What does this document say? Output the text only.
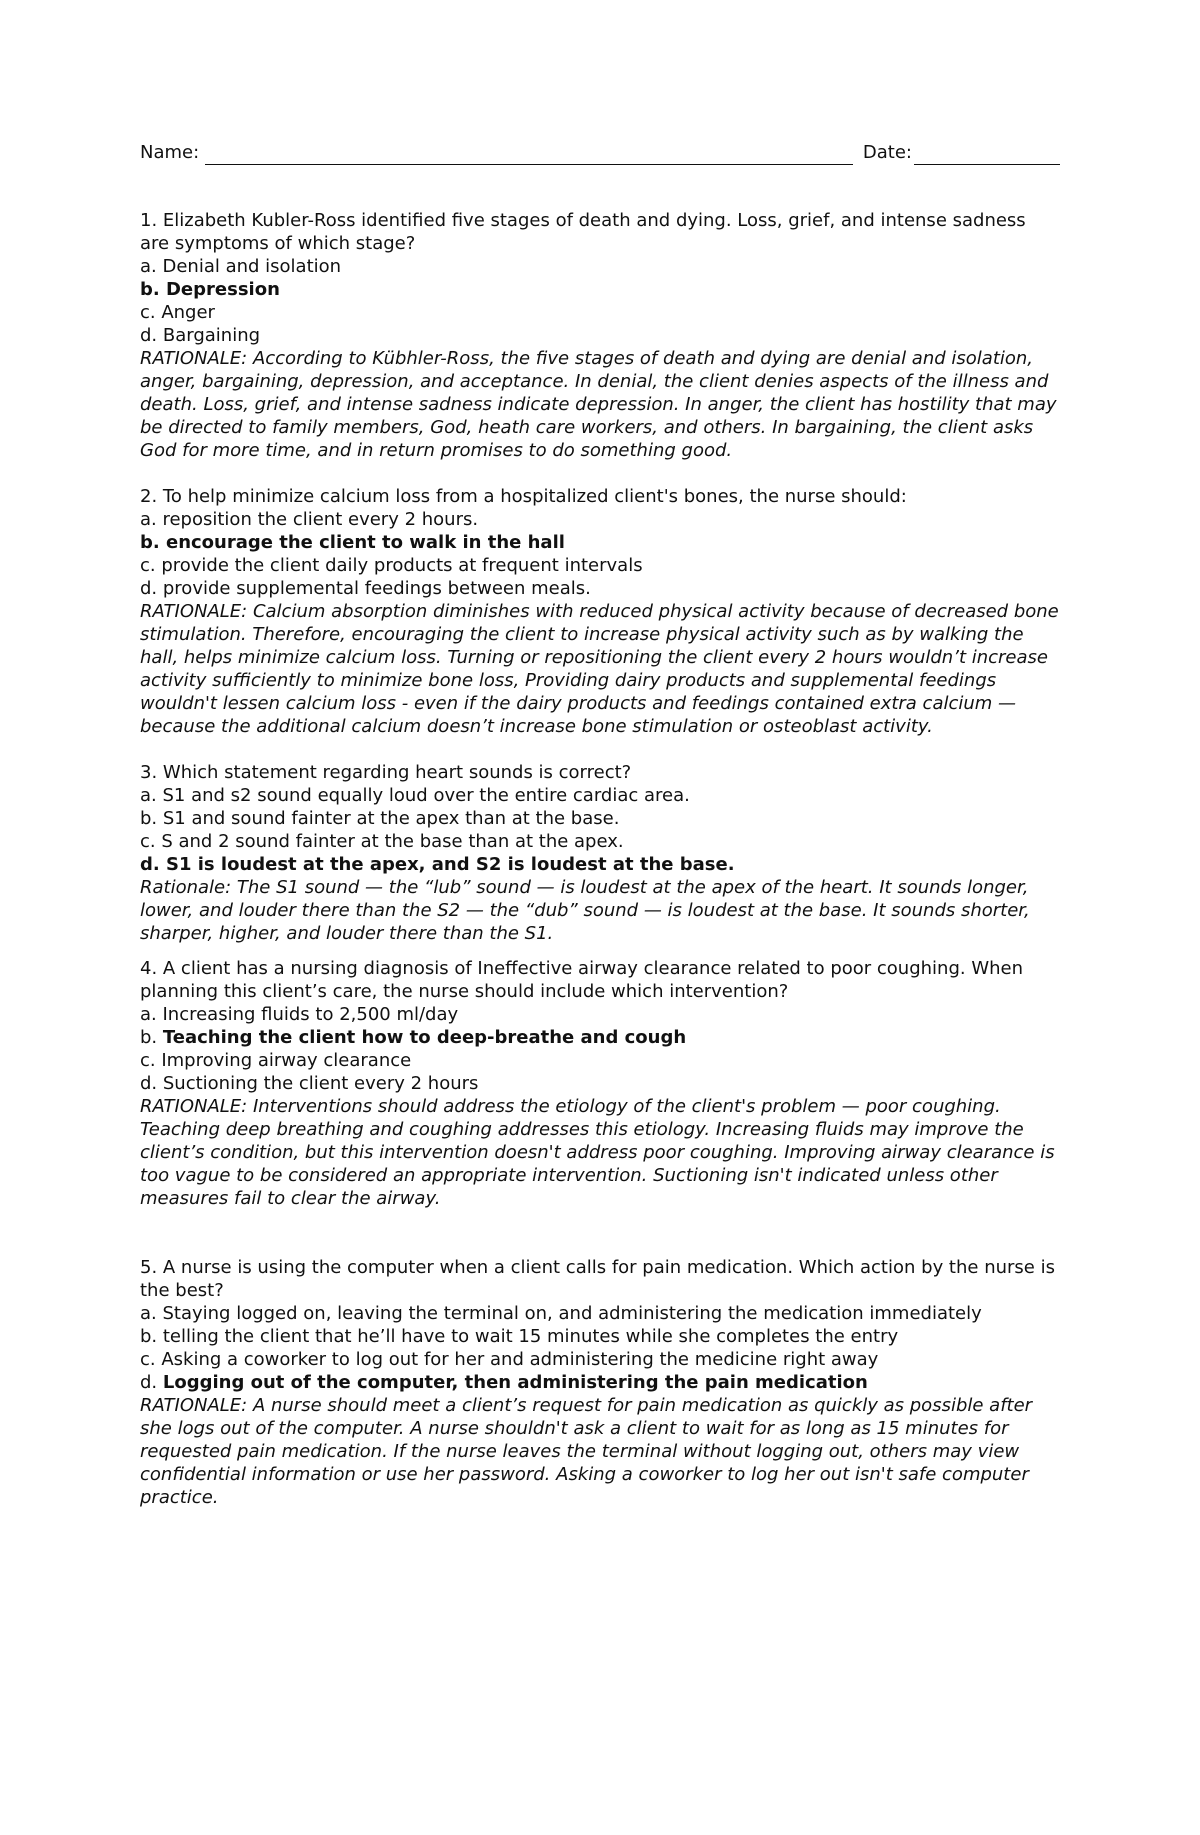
Name:	Date:

1. Elizabeth Kubler-Ross identified five stages of death and dying. Loss, grief, and intense sadness are symptoms of which stage?

a. Denial and isolation

b. Depression

c. Anger

d. Bargaining

RATIONALE: According to Kübhler-Ross, the five stages of death and dying are denial and isolation, anger, bargaining, depression, and acceptance. In denial, the client denies aspects of the illness and death. Loss, grief, and intense sadness indicate depression. In anger, the client has hostility that may be directed to family members, God, heath care workers, and others. In bargaining, the client asks God for more time, and in return promises to do something good.

2. To help minimize calcium loss from a hospitalized client's bones, the nurse should:

a. reposition the client every 2 hours.

b. encourage the client to walk in the hall

c. provide the client daily products at frequent intervals

d. provide supplemental feedings between meals.

RATIONALE: Calcium absorption diminishes with reduced physical activity because of decreased bone stimulation. Therefore, encouraging the client to increase physical activity such as by walking the hall, helps minimize calcium loss. Turning or repositioning the client every 2 hours wouldn’t increase activity sufficiently to minimize bone loss, Providing dairy products and supplemental feedings wouldn't lessen calcium loss - even if the dairy products and feedings contained extra calcium — because the additional calcium doesn’t increase bone stimulation or osteoblast activity.

3. Which statement regarding heart sounds is correct?

a. S1 and s2 sound equally loud over the entire cardiac area.

b. S1 and sound fainter at the apex than at the base.

c. S and 2 sound fainter at the base than at the apex.

d. S1 is loudest at the apex, and S2 is loudest at the base.

Rationale: The S1 sound — the “lub” sound — is loudest at the apex of the heart. It sounds longer, lower, and louder there than the S2 — the “dub” sound — is loudest at the base. It sounds shorter, sharper, higher, and louder there than the S1.

4. A client has a nursing diagnosis of Ineffective airway clearance related to poor coughing. When planning this client’s care, the nurse should include which intervention?

a. Increasing fluids to 2,500 ml/day

b. Teaching the client how to deep-breathe and cough

c. Improving airway clearance

d. Suctioning the client every 2 hours

RATIONALE: Interventions should address the etiology of the client's problem — poor coughing. Teaching deep breathing and coughing addresses this etiology. Increasing fluids may improve the client’s condition, but this intervention doesn't address poor coughing. Improving airway clearance is too vague to be considered an appropriate intervention. Suctioning isn't indicated unless other measures fail to clear the airway.

5. A nurse is using the computer when a client calls for pain medication. Which action by the nurse is the best?

a. Staying logged on, leaving the terminal on, and administering the medication immediately

b. telling the client that he’ll have to wait 15 minutes while she completes the entry

c. Asking a coworker to log out for her and administering the medicine right away

d. Logging out of the computer, then administering the pain medication

RATIONALE: A nurse should meet a client’s request for pain medication as quickly as possible after she logs out of the computer. A nurse shouldn't ask a client to wait for as long as 15 minutes for requested pain medication. If the nurse leaves the terminal without logging out, others may view confidential information or use her password. Asking a coworker to log her out isn't safe computer practice.
